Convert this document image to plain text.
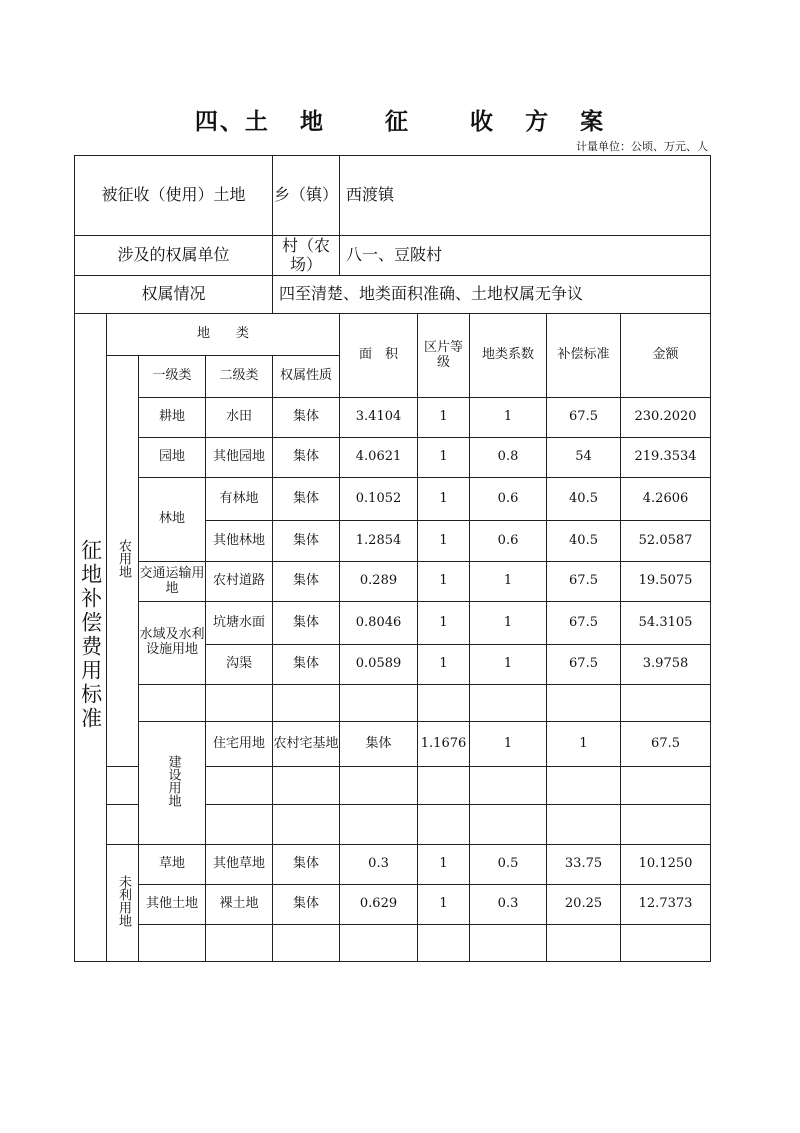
四、土 地	征	收 方 案
计量单位：公顷、万元、人
被征收（使用）土地				乡（镇）	西渡镇					
涉及的权属单位				村（农场）	八一、豆陂村					
权属情况				四至清楚、地类面积准确、土地权属无争议						
征地补偿费用标准	地　　类				面　积	区片等级	地类系数	补偿标准	金额	
	农用地	一级类	二级类	权属性质						
		耕地	水田	集体	3.4104	1	1	67.5	230.2020	
		园地	其他园地	集体	4.0621	1	0.8	54	219.3534	
		林地	有林地	集体	0.1052	1	0.6	40.5	4.2606	
			其他林地	集体	1.2854	1	0.6	40.5	52.0587	
		交通运输用地	农村道路	集体	0.289	1	1	67.5	19.5075	
		水域及水利设施用地	坑塘水面	集体	0.8046	1	1	67.5	54.3105	
			沟渠	集体	0.0589	1	1	67.5	3.9758	

		建设用地	住宅用地	农村宅基地	集体	1.1676	1	1	67.5	

	未利用地	草地	其他草地	集体	0.3	1	0.5	33.75	10.1250	
		其他土地	裸土地	集体	0.629	1	0.3	20.25	12.7373	
